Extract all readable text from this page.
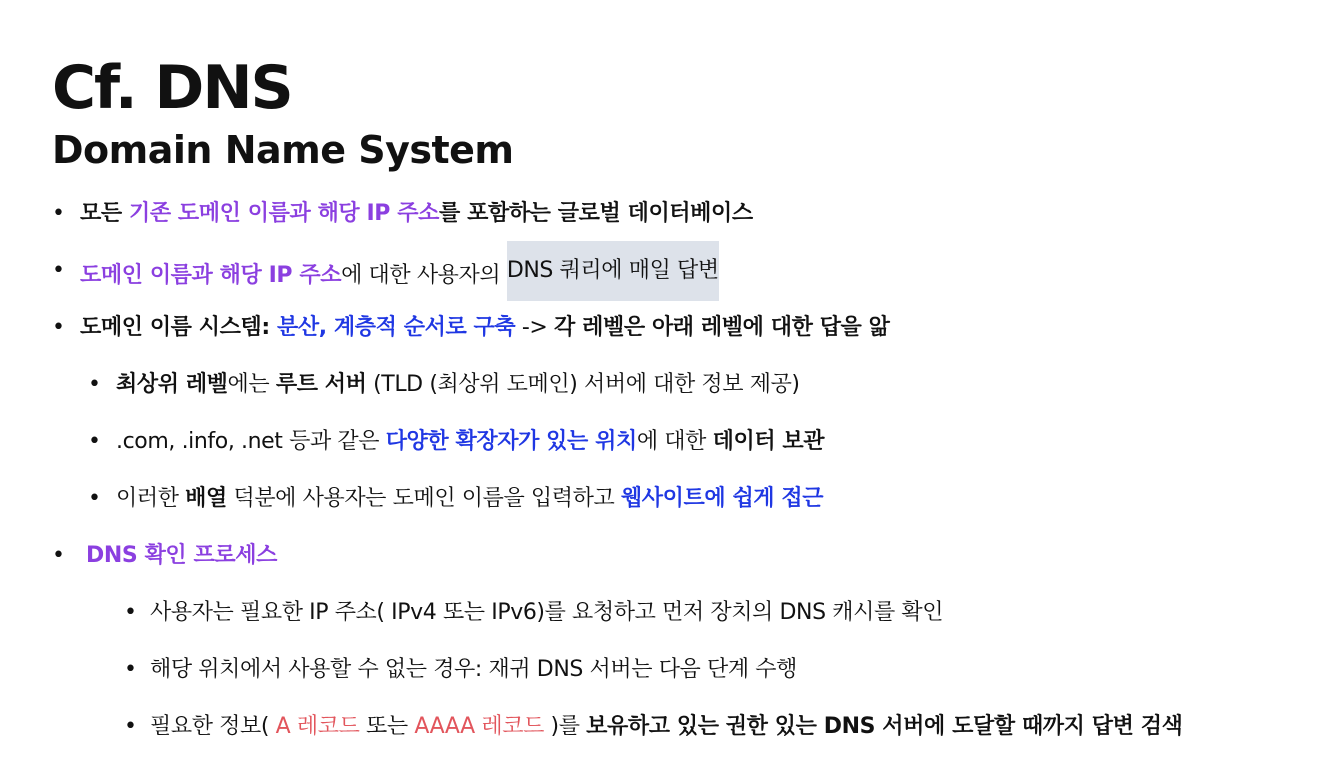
Cf. DNS
Domain Name System
• 모든 기존 도메인 이름과 해당 IP 주소를 포함하는 글로벌 데이터베이스
• 도메인 이름과 해당 IP 주소에 대한 사용자의 DNS 쿼리에 매일 답변
• 도메인 이름 시스템: 분산, 계층적 순서로 구축 -> 각 레벨은 아래 레벨에 대한 답을 앎
• 최상위 레벨에는 루트 서버 (TLD (최상위 도메인) 서버에 대한 정보 제공)
• .com, .info, .net 등과 같은 다양한 확장자가 있는 위치에 대한 데이터 보관
• 이러한 배열 덕분에 사용자는 도메인 이름을 입력하고 웹사이트에 쉽게 접근
• DNS 확인 프로세스
• 사용자는 필요한 IP 주소( IPv4 또는 IPv6)를 요청하고 먼저 장치의 DNS 캐시를 확인
• 해당 위치에서 사용할 수 없는 경우: 재귀 DNS 서버는 다음 단계 수행
• 필요한 정보( A 레코드 또는 AAAA 레코드 )를 보유하고 있는 권한 있는 DNS 서버에 도달할 때까지 답변 검색
